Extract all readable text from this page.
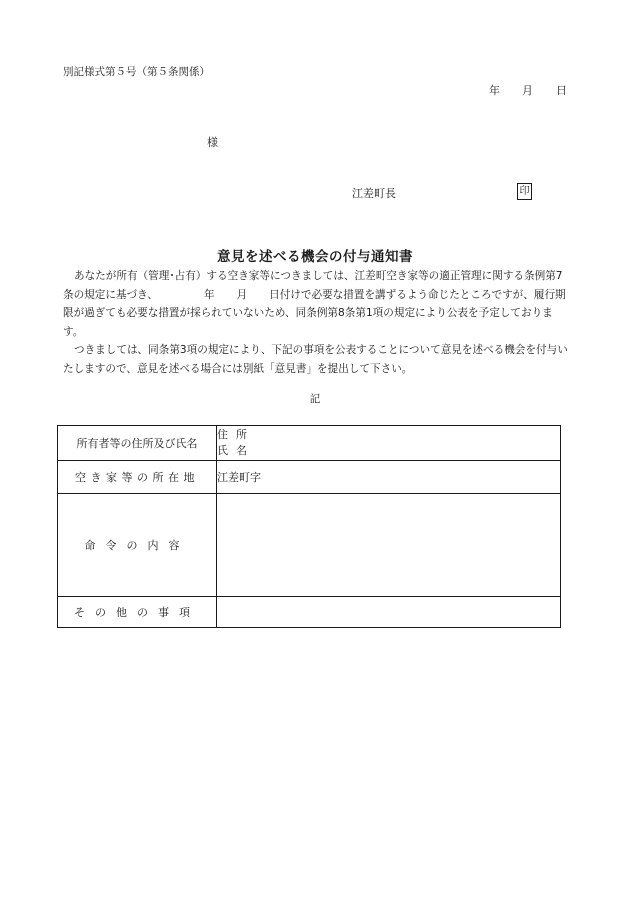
別記様式第５号（第５条関係）
年 月 日
様
江差町長	印
意見を述べる機会の付与通知書

あなたが所有（管理･占有）する空き家等につきましては、江差町空き家等の適正管理に関する条例第7条の規定に基づき、	年 月 日付けで必要な措置を講ずるよう命じたところですが、履行期限が過ぎても必要な措置が採られていないため、同条例第8条第1項の規定により公表を予定しております。

つきましては、同条第3項の規定により、下記の事項を公表することについて意見を述べる機会を付与いたしますので、意見を述べる場合には別紙「意見書」を提出して下さい。

記
所有者等の住所及び氏名	住所
氏名

空き家等の所在地	江差町字
命令の内容	
その他の事項	
